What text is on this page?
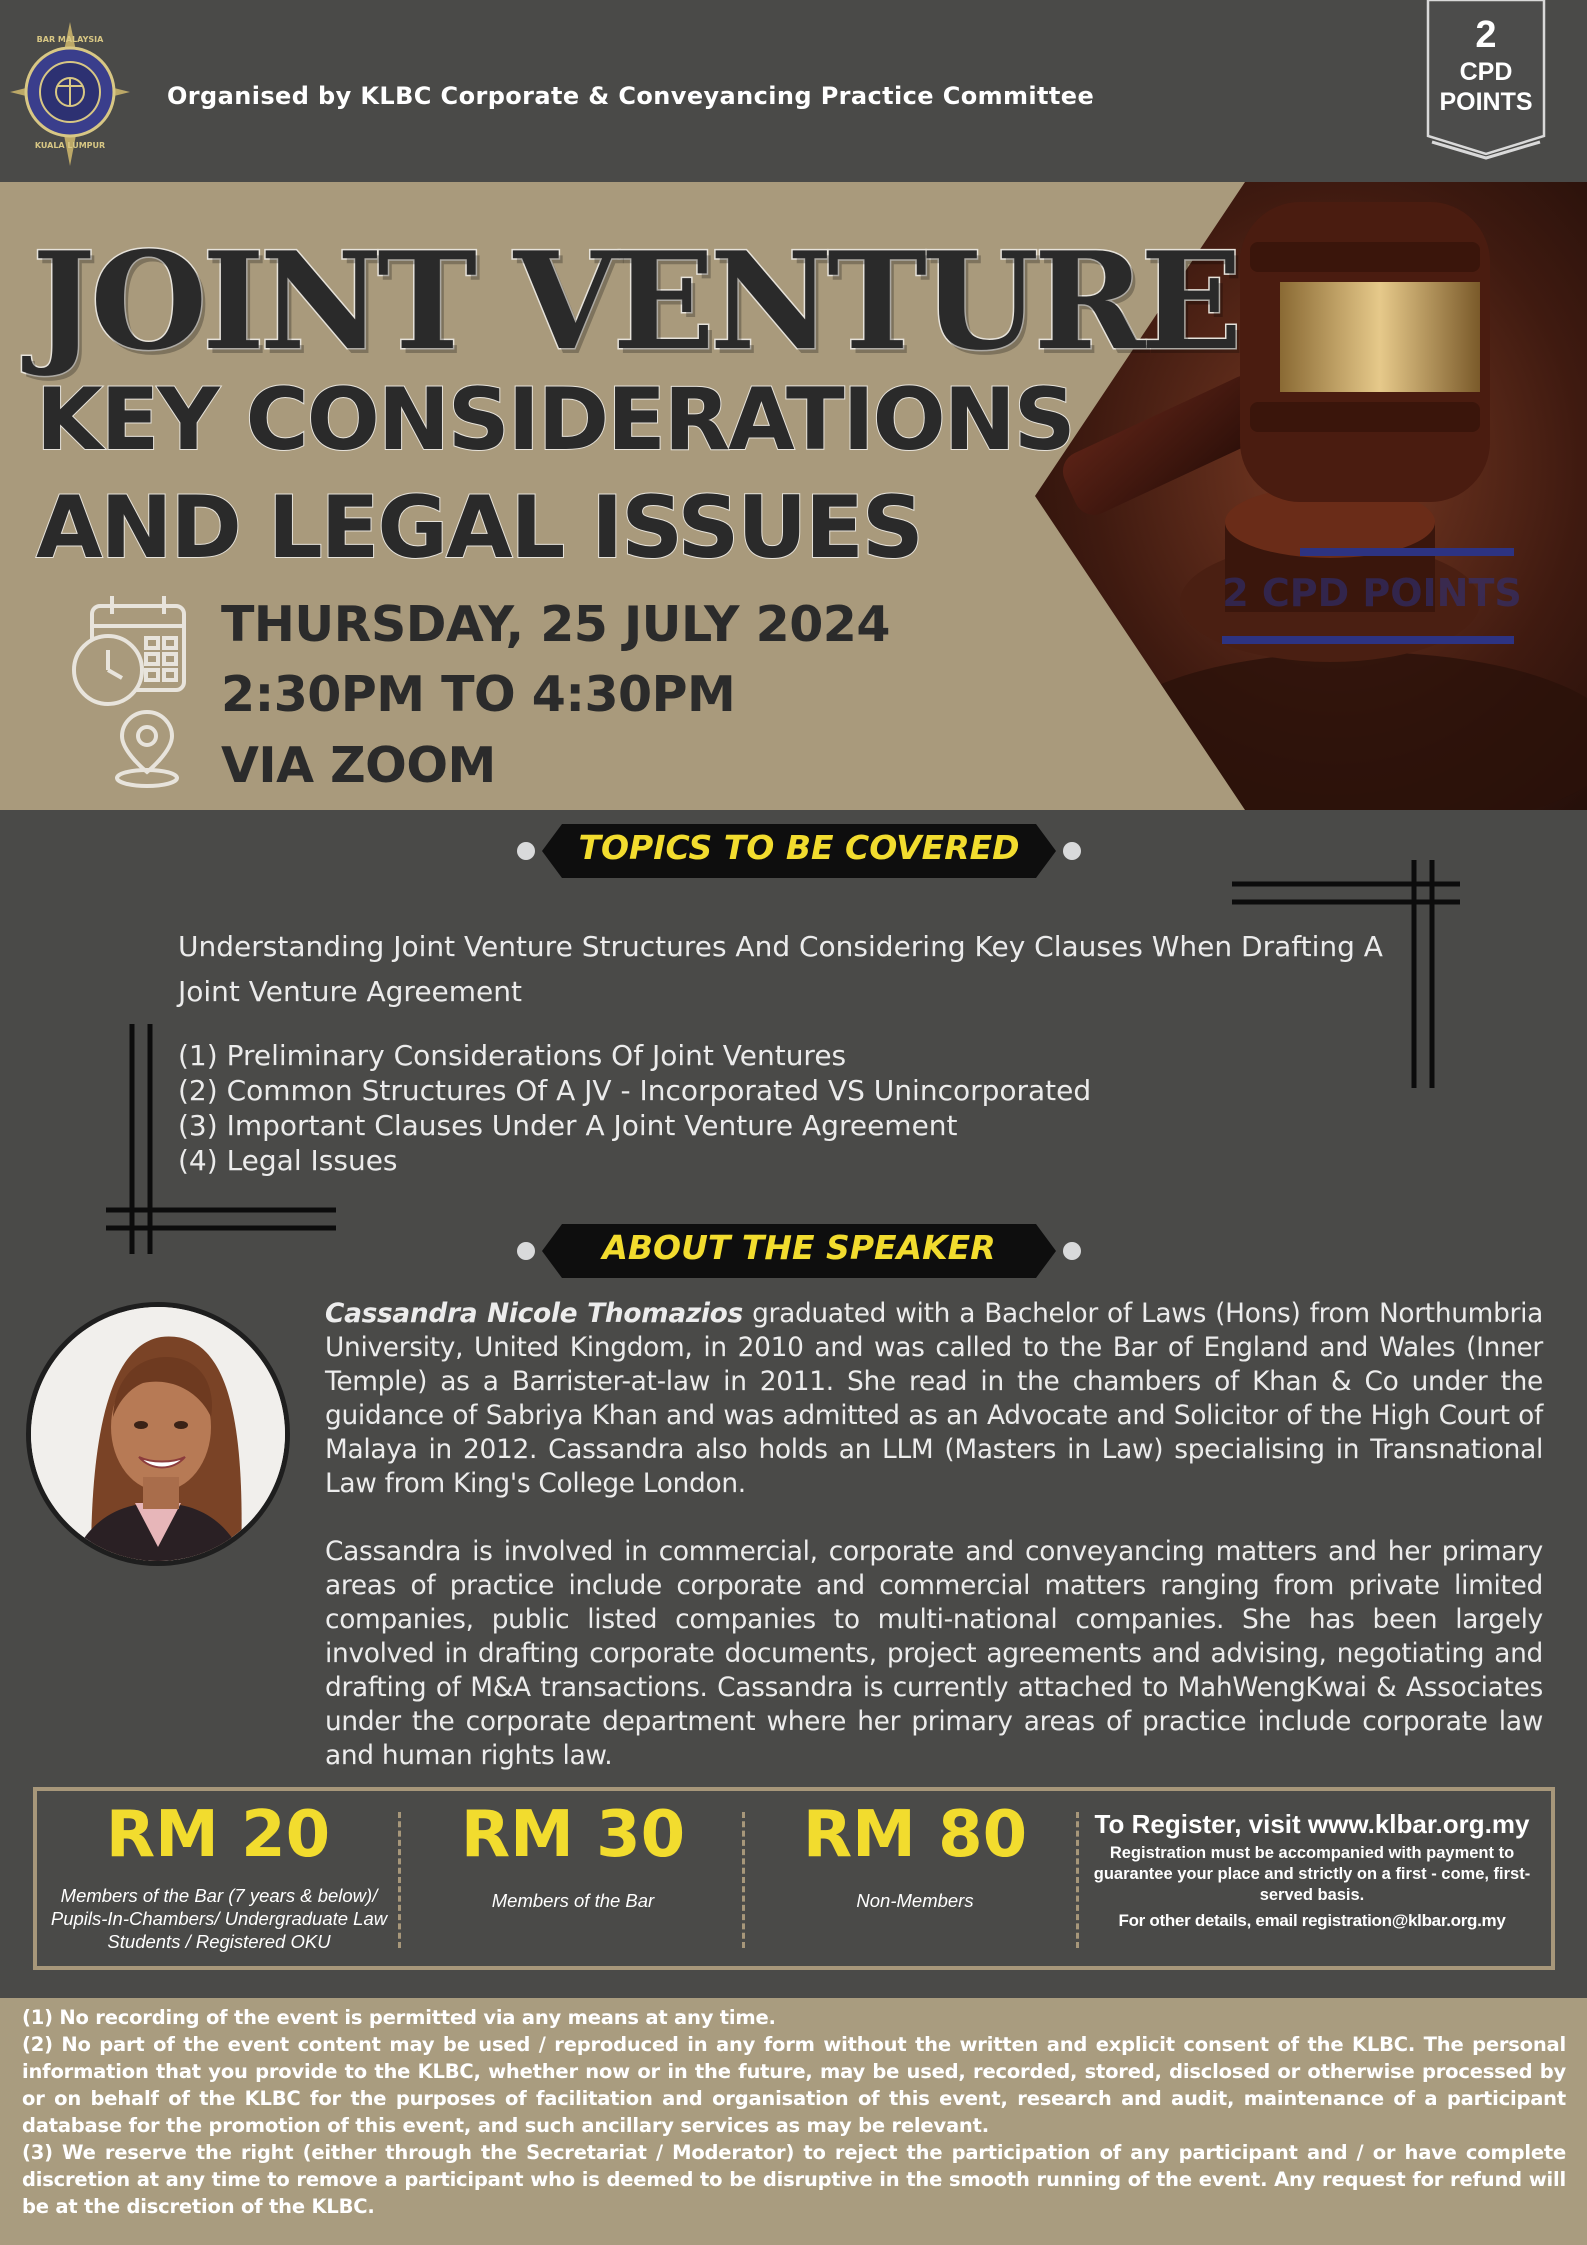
BAR MALAYSIA
KUALA LUMPUR
Organised by KLBC Corporate & Conveyancing Practice Committee
2
CPD
POINTS
2 CPD POINTS
JOINT VENTURE
KEY CONSIDERATIONS
AND LEGAL ISSUES
THURSDAY, 25 JULY 2024
2:30PM TO 4:30PM
VIA ZOOM
TOPICS TO BE COVERED
Understanding Joint Venture Structures And Considering Key Clauses When Drafting A Joint Venture Agreement
(1) Preliminary Considerations Of Joint Ventures
(2) Common Structures Of A JV - Incorporated VS Unincorporated
(3) Important Clauses Under A Joint Venture Agreement
(4) Legal Issues
ABOUT THE SPEAKER
Cassandra Nicole Thomazios graduated with a Bachelor of Laws (Hons) from Northumbria University, United Kingdom, in 2010 and was called to the Bar of England and Wales (Inner Temple) as a Barrister-at-law in 2011. She read in the chambers of Khan & Co under the guidance of Sabriya Khan and was admitted as an Advocate and Solicitor of the High Court of Malaya in 2012. Cassandra also holds an LLM (Masters in Law) specialising in Transnational Law from King's College London.
Cassandra is involved in commercial, corporate and conveyancing matters and her primary areas of practice include corporate and commercial matters ranging from private limited companies, public listed companies to multi-national companies. She has been largely involved in drafting corporate documents, project agreements and advising, negotiating and drafting of M&A transactions. Cassandra is currently attached to MahWengKwai & Associates under the corporate department where her primary areas of practice include corporate law and human rights law.
RM 20
Members of the Bar (7 years & below)/ Pupils-In-Chambers/ Undergraduate Law Students / Registered OKU
RM 30
Members of the Bar
RM 80
Non-Members
To Register, visit www.klbar.org.my
Registration must be accompanied with payment to guarantee your place and strictly on a first - come, first-served basis.
For other details, email registration@klbar.org.my

(1) No recording of the event is permitted via any means at any time.

(2) No part of the event content may be used / reproduced in any form without the written and explicit consent of the KLBC. The personal information that you provide to the KLBC, whether now or in the future, may be used, recorded, stored, disclosed or otherwise processed by or on behalf of the KLBC for the purposes of facilitation and organisation of this event, research and audit, maintenance of a participant database for the promotion of this event, and such ancillary services as may be relevant.

(3) We reserve the right (either through the Secretariat / Moderator) to reject the participation of any participant and / or have complete discretion at any time to remove a participant who is deemed to be disruptive in the smooth running of the event. Any request for refund will be at the discretion of the KLBC.
